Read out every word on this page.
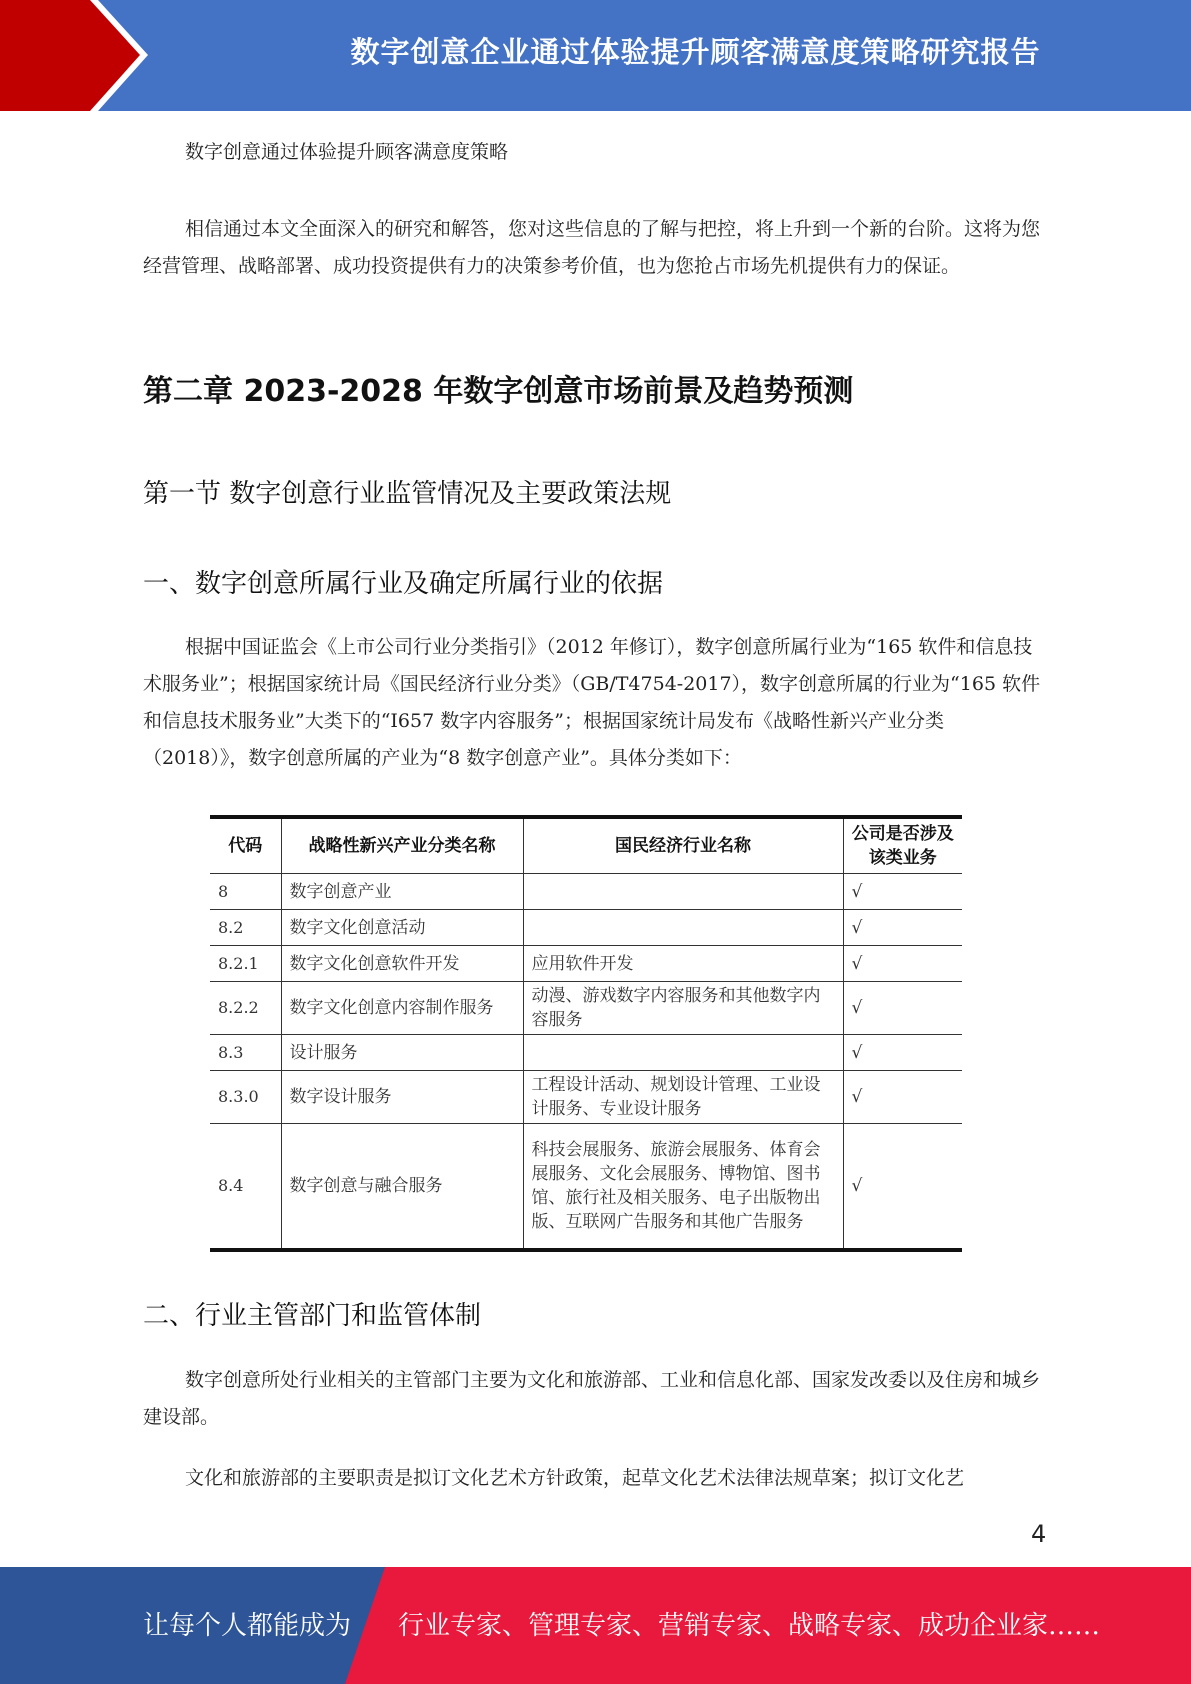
数字创意企业通过体验提升顾客满意度策略研究报告

数字创意通过体验提升顾客满意度策略

相信通过本文全面深入的研究和解答，您对这些信息的了解与把控，将上升到一个新的台阶。这将为您经营管理、战略部署、成功投资提供有力的决策参考价值，也为您抢占市场先机提供有力的保证。

第二章 2023-2028 年数字创意市场前景及趋势预测
第一节 数字创意行业监管情况及主要政策法规
一、数字创意所属行业及确定所属行业的依据

根据中国证监会《上市公司行业分类指引》（2012 年修订），数字创意所属行业为“165 软件和信息技术服务业”；根据国家统计局《国民经济行业分类》（GB/T4754-2017），数字创意所属的行业为“165 软件和信息技术服务业”大类下的“I657 数字内容服务”；根据国家统计局发布《战略性新兴产业分类（2018）》，数字创意所属的产业为“8 数字创意产业”。具体分类如下：

代码	战略性新兴产业分类名称	国民经济行业名称	公司是否涉及该类业务
8	数字创意产业		√
8.2	数字文化创意活动		√
8.2.1	数字文化创意软件开发	应用软件开发	√
8.2.2	数字文化创意内容制作服务	动漫、游戏数字内容服务和其他数字内容服务	√
8.3	设计服务		√
8.3.0	数字设计服务	工程设计活动、规划设计管理、工业设计服务、专业设计服务	√
8.4	数字创意与融合服务	科技会展服务、旅游会展服务、体育会展服务、文化会展服务、博物馆、图书馆、旅行社及相关服务、电子出版物出版、互联网广告服务和其他广告服务	√
二、行业主管部门和监管体制

数字创意所处行业相关的主管部门主要为文化和旅游部、工业和信息化部、国家发改委以及住房和城乡建设部。

文化和旅游部的主要职责是拟订文化艺术方针政策，起草文化艺术法律法规草案；拟订文化艺

4
让每个人都能成为 行业专家、管理专家、营销专家、战略专家、成功企业家……
